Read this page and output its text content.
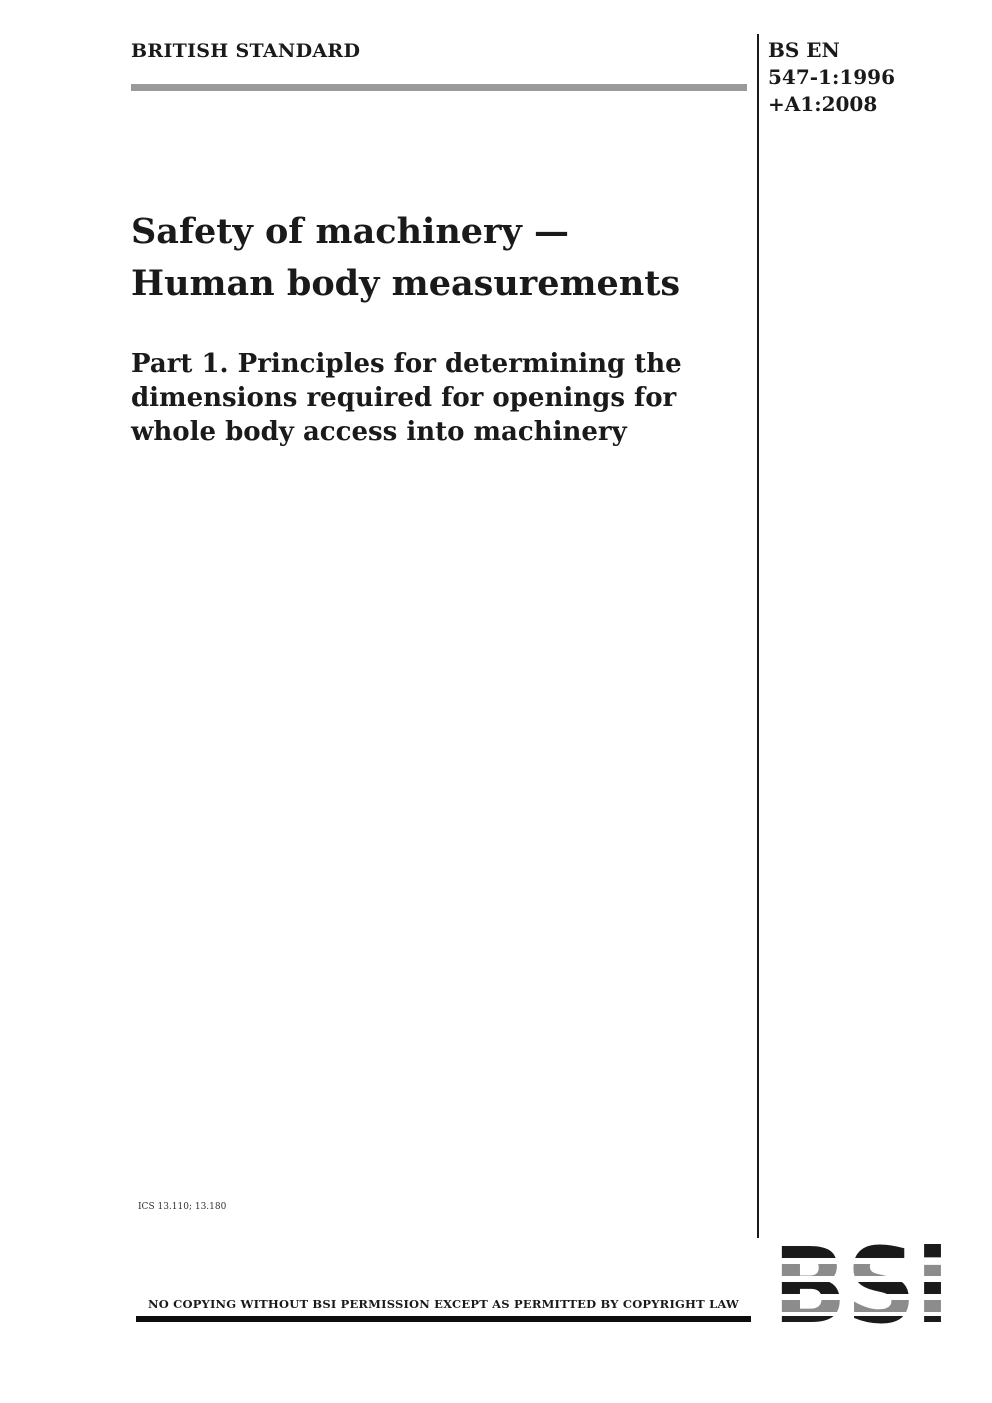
BRITISH STANDARD	BS EN
547-1:1996
+A1:2008
Safety of machinery —
Human body measurements
Part 1. Principles for determining the
dimensions required for openings for
whole body access into machinery
ICS 13.110; 13.180
NO COPYING WITHOUT BSI PERMISSION EXCEPT AS PERMITTED BY COPYRIGHT LAW
